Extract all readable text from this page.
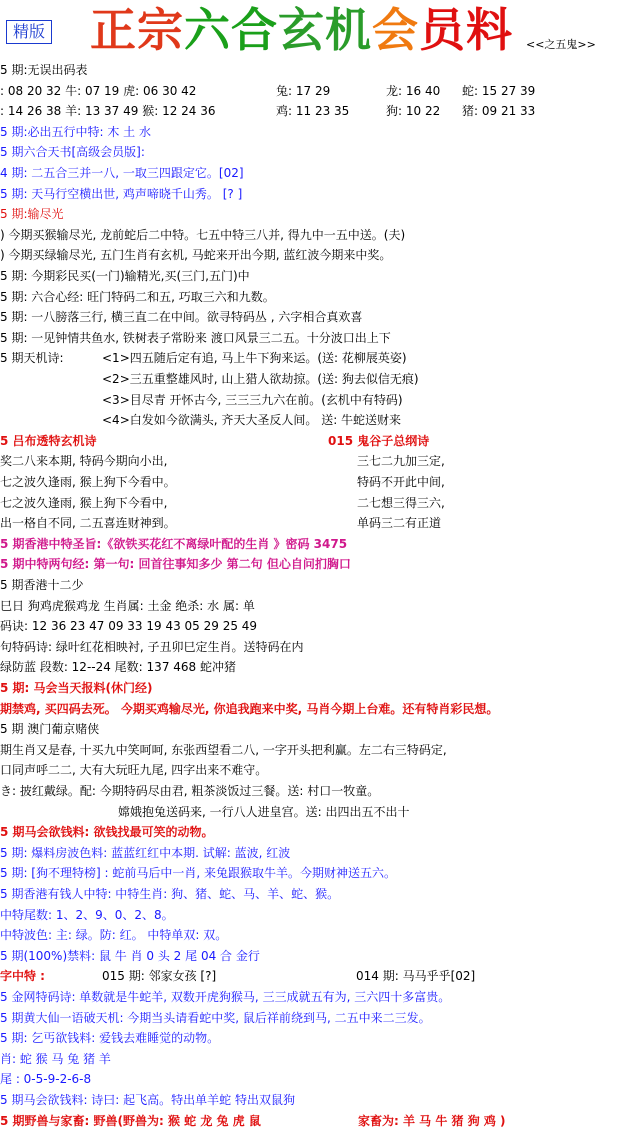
精版 正宗六合玄机会员料 <<之五鬼>>
5 期:无误出码表
: 08 20 32 牛: 07 19 虎: 06 30 42	兔: 17 29	龙: 16 40 蛇: 15 27 39
: 14 26 38 羊: 13 37 49 猴: 12 24 36	鸡: 11 23 35	狗: 10 22 猪: 09 21 33
5 期:必出五行中特: 木 土 水
5 期六合天书[高级会员版]:
4 期: 二五合三并一八, 一取三四跟定它。[02]
5 期: 天马行空横出世, 鸡声啼晓千山秀。 [? ]
5 期:输尽光
) 今期买猴输尽光, 龙前蛇后二中特。七五中特三八并, 得九中一五中送。(夫)
) 今期买绿输尽光, 五门生肖有玄机, 马蛇来开出今期, 蓝红波今期来中奖。
5 期: 今期彩民买(一门)输精光,买(三门,五门)中
5 期: 六合心经: 旺门特码二和五, 巧取三六和九数。
5 期: 一八膀落三行, 横三直二在中间。欲寻特码丛 , 六字相合真欢喜
5 期: 一见钟情共鱼水, 铁树表子常盼来 渡口风景三二五。十分波口出上下
5 期天机诗:	<1>四五随后定有追, 马上牛下狗来运。(送: 花柳展英姿)
<2>三五重整雄风时, 山上猎人欲劫掠。(送: 狗去似信无痕)
<3>目尽青 开怀古今, 三三三九六在前。(玄机中有特码)
<4>白发如今欲满头, 齐天大圣反人间。 送: 牛蛇送财来
5 吕布透特玄机诗	015 鬼谷子总纲诗
奖二八来本期, 特码今期向小出,	三七二九加三定,
七之波久逢雨, 猴上狗下今看中。	特码不开此中间,
七之波久逢雨, 猴上狗下今看中,	二七想三得三六,
出一格自不同, 二五喜连财神到。	单码三二有正道
5 期香港中特圣旨:《欲铁买花红不离绿叶配的生肖 》密码 3475
5 期中特两句经: 第一句: 回首往事知多少 第二句 但心自问扪胸口
5 期香港十二少
巳日 狗鸡虎猴鸡龙 生肖属: 土金 绝杀: 水 属: 单
码诀: 12 36 23 47 09 33 19 43 05 29 25 49
句特码诗: 绿叶红花相映衬, 子丑卯巳定生肖。送特码在内
绿防蓝 段数: 12--24 尾数: 137 468 蛇冲猪
5 期: 马会当天报料(休门经)
期禁鸡, 买四码去死。 今期买鸡输尽光, 你追我跑来中奖, 马肖今期上台难。还有特肖彩民想。
5 期 澳门葡京赌侠
期生肖又是春, 十买九中笑呵呵, 东张西望看二八, 一字开头把利赢。左二右三特码定,
口同声呼二二, 大有大玩旺九尾, 四字出来不难守。
き: 披红戴绿。配: 今期特码尽由君, 粗茶淡饭过三餐。送: 村口一牧童。
嫦娥抱兔送码来, 一行八人进皇宫。送: 出四出五不出十
5 期马会欲钱料: 欲钱找最可笑的动物。
5 期: 爆料房波色料: 蓝蓝红红中本期. 试解: 蓝波, 红波
5 期: [狗不理特榜] : 蛇前马后中一肖, 来兔跟猴取牛羊。今期财神送五六。
5 期香港有钱人中特: 中特生肖: 狗、猪、蛇、马、羊、蛇、猴。
中特尾数: 1、2、9、0、2、8。
中特波色: 主: 绿。防: 红。 中特单双: 双。
5 期(100%)禁料: 鼠 牛 肖 0 头 2 尾 04 合 金行
字中特 :	015 期: 邻家女孩 [?]	014 期: 马马乎乎[02]
5 金网特码诗: 单数就是牛蛇羊, 双数开虎狗猴马, 三三成就五有为, 三六四十多富贵。
5 期黄大仙一语破天机: 今期当头请看蛇中奖, 鼠后祥前绕到马, 二五中来二三发。
5 期: 乞丐欲钱料: 爱钱去难睡觉的动物。
肖: 蛇 猴 马 兔 猪 羊
尾 : 0-5-9-2-6-8
5 期马会欲钱料: 诗曰: 起飞高。特出单羊蛇 特出双鼠狗
5 期野兽与家畜: 野兽(野兽为: 猴 蛇 龙 兔 虎 鼠	家畜为: 羊 马 牛 猪 狗 鸡 )
